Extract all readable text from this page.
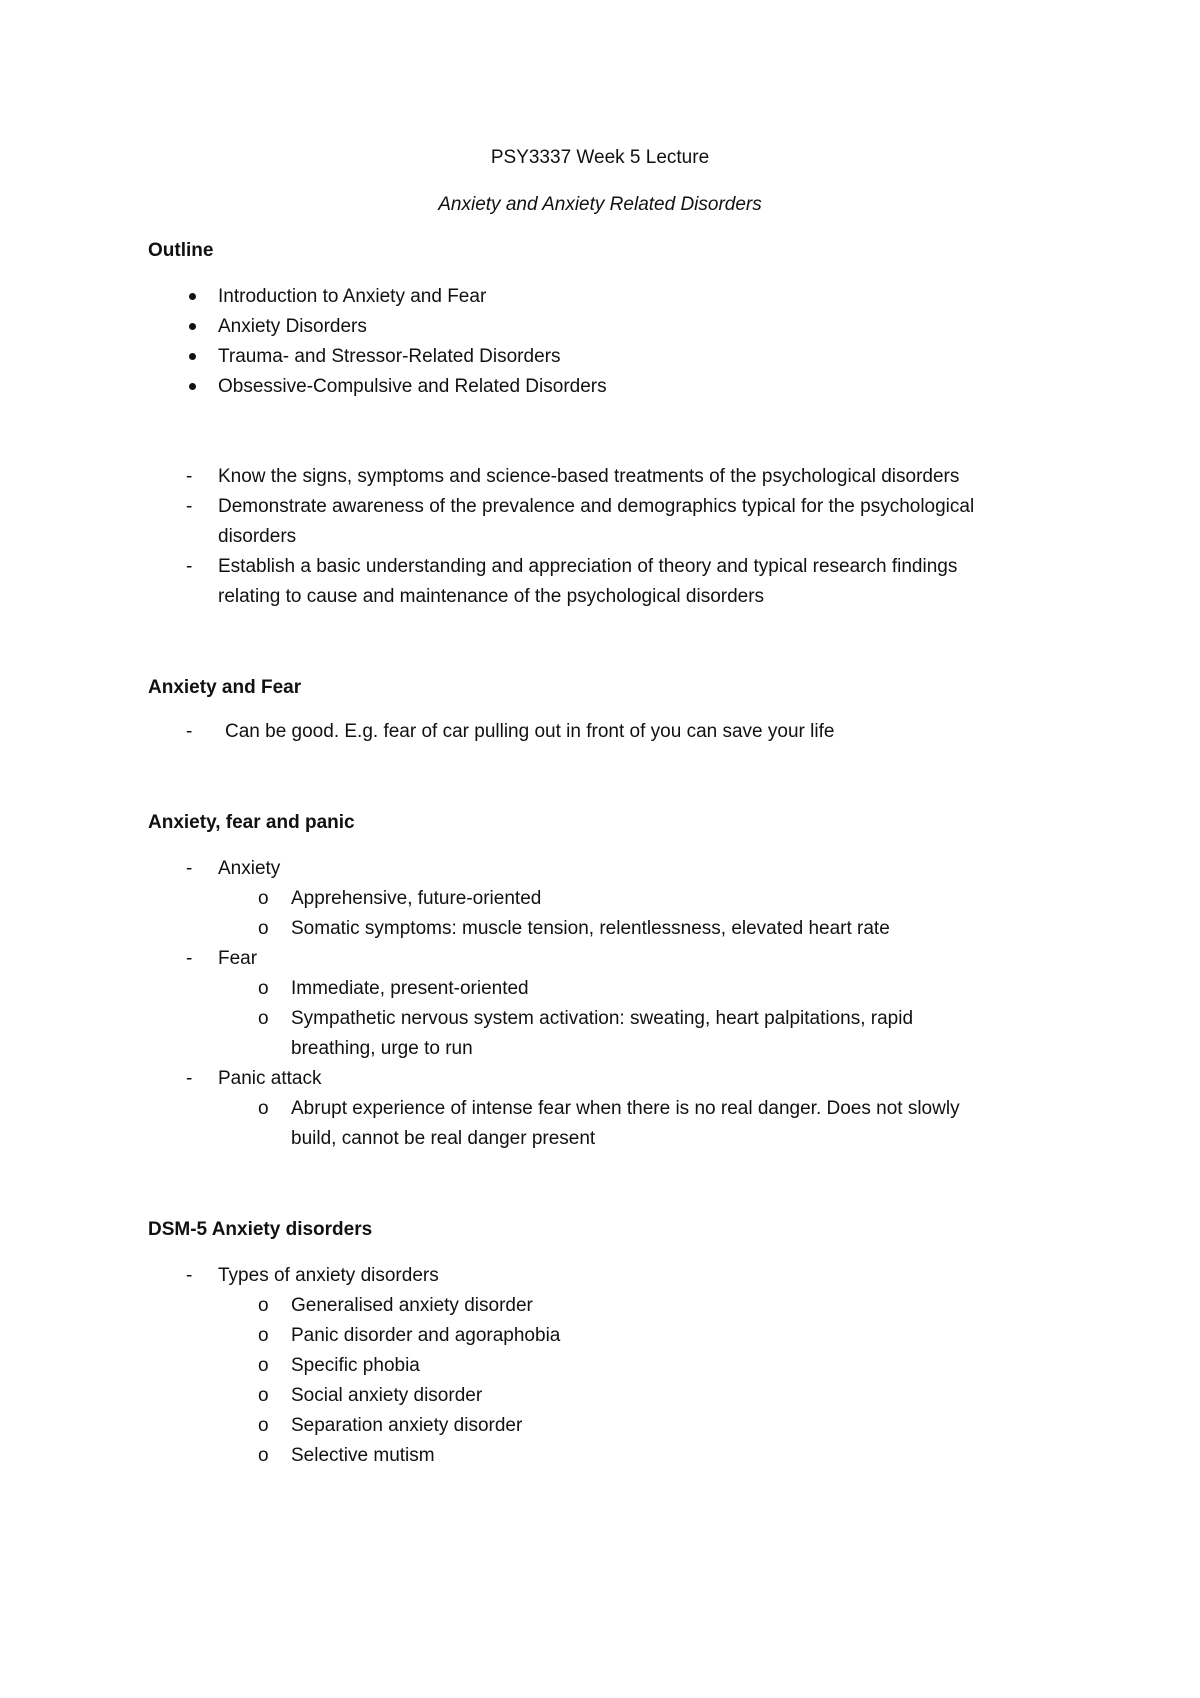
PSY3337 Week 5 Lecture
Anxiety and Anxiety Related Disorders
Outline
Introduction to Anxiety and Fear
Anxiety Disorders
Trauma- and Stressor-Related Disorders
Obsessive-Compulsive and Related Disorders
- Know the signs, symptoms and science-based treatments of the psychological disorders
- Demonstrate awareness of the prevalence and demographics typical for the psychological
disorders
- Establish a basic understanding and appreciation of theory and typical research findings
relating to cause and maintenance of the psychological disorders
Anxiety and Fear
- Can be good. E.g. fear of car pulling out in front of you can save your life
Anxiety, fear and panic
- Anxiety
o Apprehensive, future-oriented
o Somatic symptoms: muscle tension, relentlessness, elevated heart rate
- Fear
o Immediate, present-oriented
o Sympathetic nervous system activation: sweating, heart palpitations, rapid
breathing, urge to run
- Panic attack
o Abrupt experience of intense fear when there is no real danger. Does not slowly
build, cannot be real danger present
DSM-5 Anxiety disorders
- Types of anxiety disorders
o Generalised anxiety disorder
o Panic disorder and agoraphobia
o Specific phobia
o Social anxiety disorder
o Separation anxiety disorder
o Selective mutism
